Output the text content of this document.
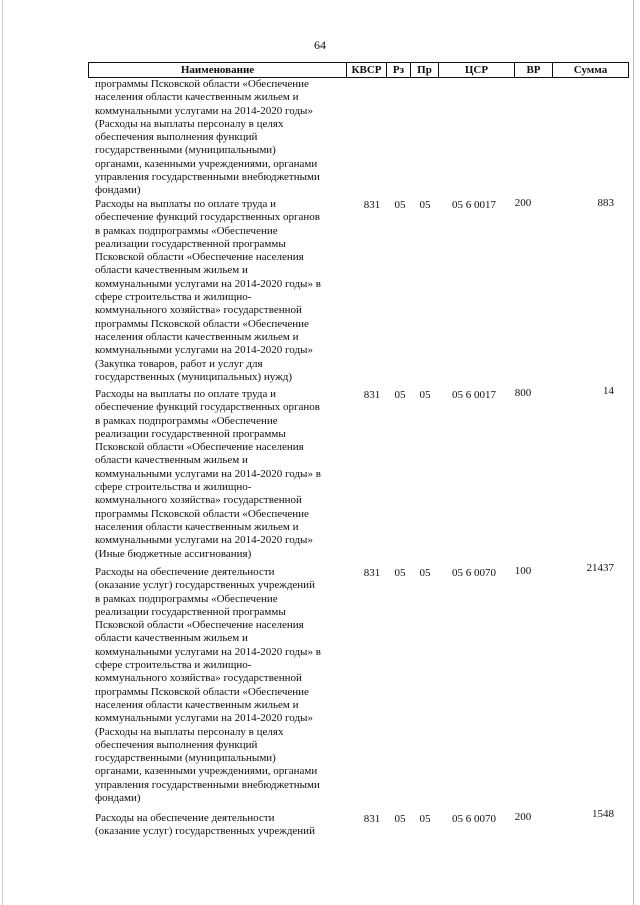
64
Наименование	КВСР	Рз	Пр	ЦСР	ВР	Сумма
программы Псковской области «Обеспечение
населения области качественным жильем и
коммунальными услугами на 2014-2020 годы»
(Расходы на выплаты персоналу в целях
обеспечения выполнения функций
государственными (муниципальными)
органами, казенными учреждениями, органами
управления государственными внебюджетными
фондами)
Расходы на выплаты по оплате труда и
обеспечение функций государственных органов
в рамках подпрограммы «Обеспечение
реализации государственной программы
Псковской области «Обеспечение населения
области качественным жильем и
коммунальными услугами на 2014-2020 годы» в
сфере строительства и жилищно-
коммунального хозяйства» государственной
программы Псковской области «Обеспечение
населения области качественным жильем и
коммунальными услугами на 2014-2020 годы»
(Закупка товаров, работ и услуг для
государственных (муниципальных) нужд)
831	05	05	05 6 0017	200	883
Расходы на выплаты по оплате труда и
обеспечение функций государственных органов
в рамках подпрограммы «Обеспечение
реализации государственной программы
Псковской области «Обеспечение населения
области качественным жильем и
коммунальными услугами на 2014-2020 годы» в
сфере строительства и жилищно-
коммунального хозяйства» государственной
программы Псковской области «Обеспечение
населения области качественным жильем и
коммунальными услугами на 2014-2020 годы»
(Иные бюджетные ассигнования)
831	05	05	05 6 0017	800	14
Расходы на обеспечение деятельности
(оказание услуг) государственных учреждений
в рамках подпрограммы «Обеспечение
реализации государственной программы
Псковской области «Обеспечение населения
области качественным жильем и
коммунальными услугами на 2014-2020 годы» в
сфере строительства и жилищно-
коммунального хозяйства» государственной
программы Псковской области «Обеспечение
населения области качественным жильем и
коммунальными услугами на 2014-2020 годы»
(Расходы на выплаты персоналу в целях
обеспечения выполнения функций
государственными (муниципальными)
органами, казенными учреждениями, органами
управления государственными внебюджетными
фондами)
831	05	05	05 6 0070	100	21437
Расходы на обеспечение деятельности
(оказание услуг) государственных учреждений
831	05	05	05 6 0070	200	1548
